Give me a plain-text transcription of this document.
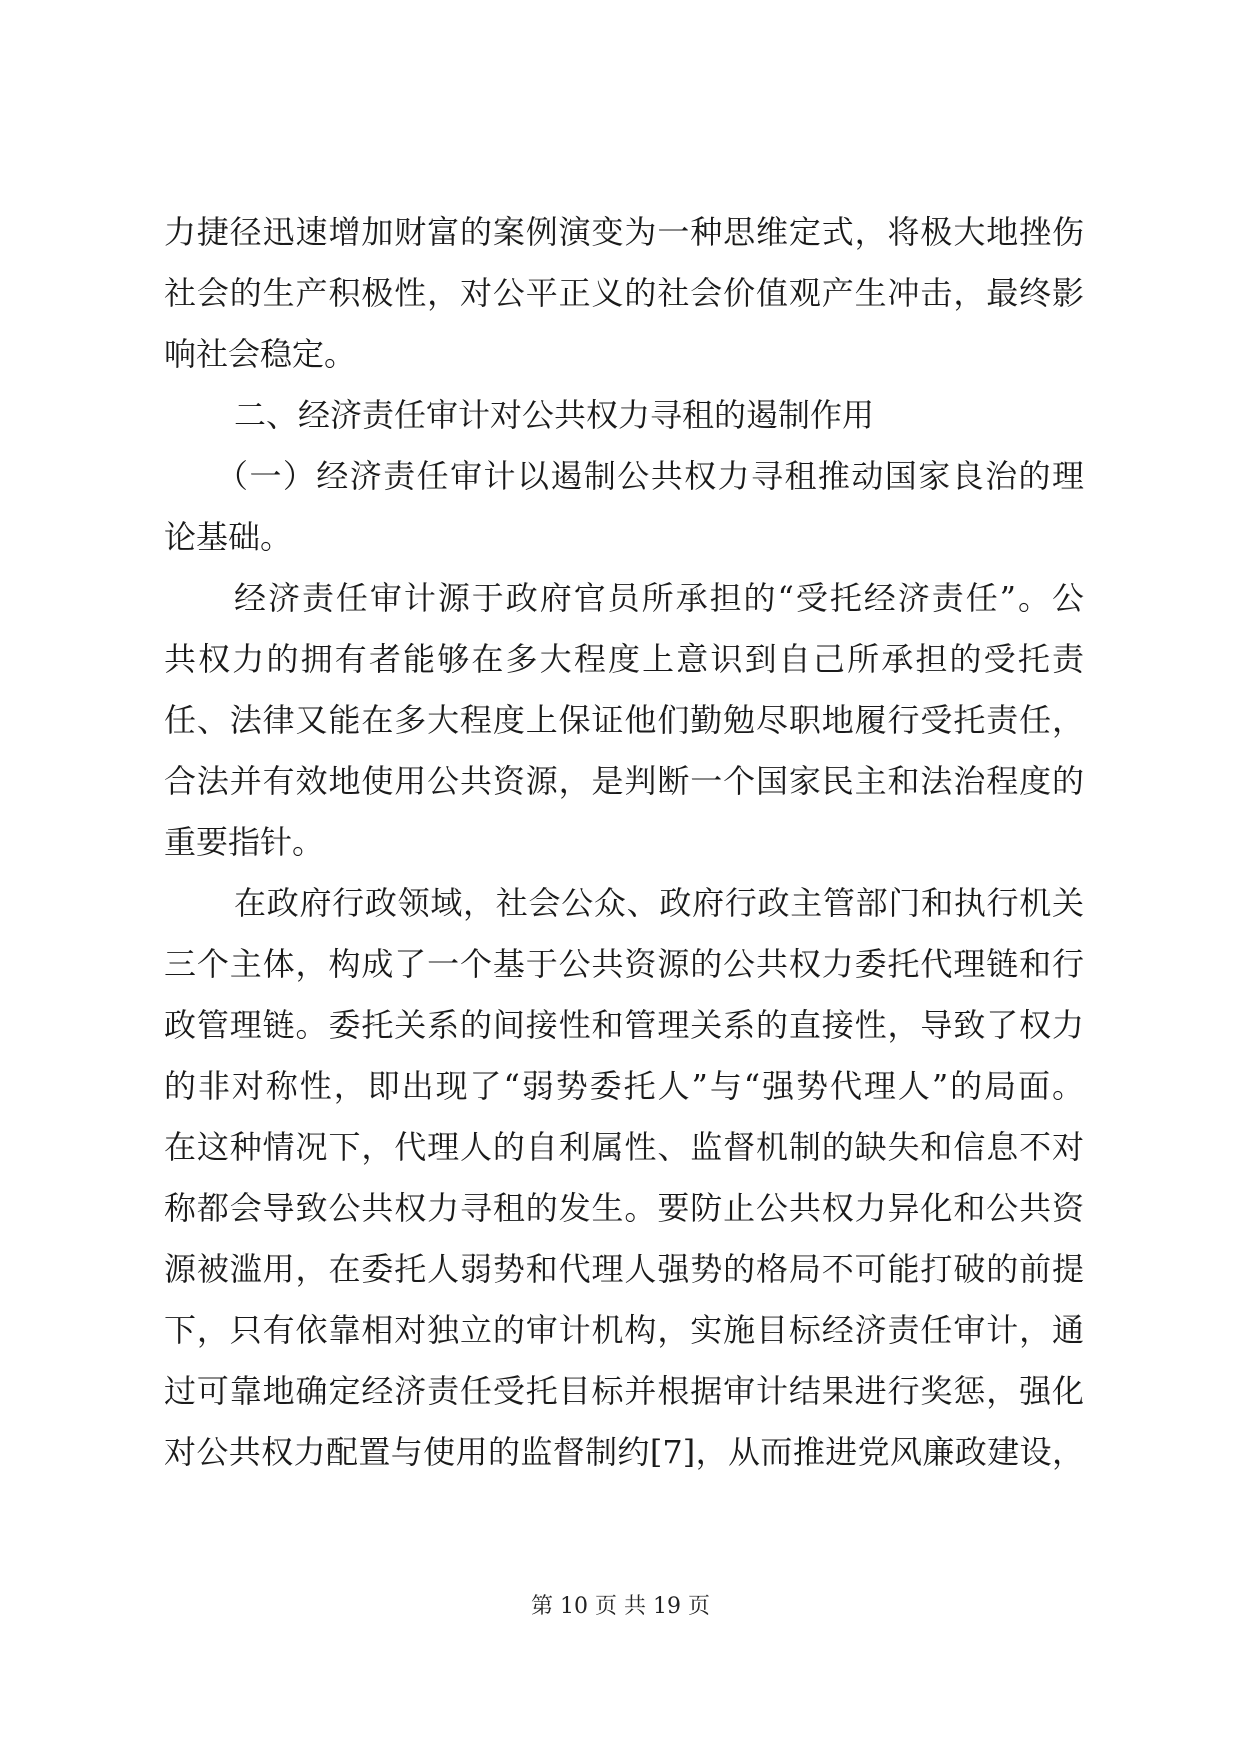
力捷径迅速增加财富的案例演变为一种思维定式，将极大地挫伤
社会的生产积极性，对公平正义的社会价值观产生冲击，最终影
响社会稳定。
二、经济责任审计对公共权力寻租的遏制作用
（一）经济责任审计以遏制公共权力寻租推动国家良治的理
论基础。
经济责任审计源于政府官员所承担的“受托经济责任”。公
共权力的拥有者能够在多大程度上意识到自己所承担的受托责
任、法律又能在多大程度上保证他们勤勉尽职地履行受托责任，
合法并有效地使用公共资源，是判断一个国家民主和法治程度的
重要指针。
在政府行政领域，社会公众、政府行政主管部门和执行机关
三个主体，构成了一个基于公共资源的公共权力委托代理链和行
政管理链。委托关系的间接性和管理关系的直接性，导致了权力
的非对称性，即出现了“弱势委托人”与“强势代理人”的局面。
在这种情况下，代理人的自利属性、监督机制的缺失和信息不对
称都会导致公共权力寻租的发生。要防止公共权力异化和公共资
源被滥用，在委托人弱势和代理人强势的格局不可能打破的前提
下，只有依靠相对独立的审计机构，实施目标经济责任审计，通
过可靠地确定经济责任受托目标并根据审计结果进行奖惩，强化
对公共权力配置与使用的监督制约[7]，从而推进党风廉政建设，
第 10 页 共 19 页
